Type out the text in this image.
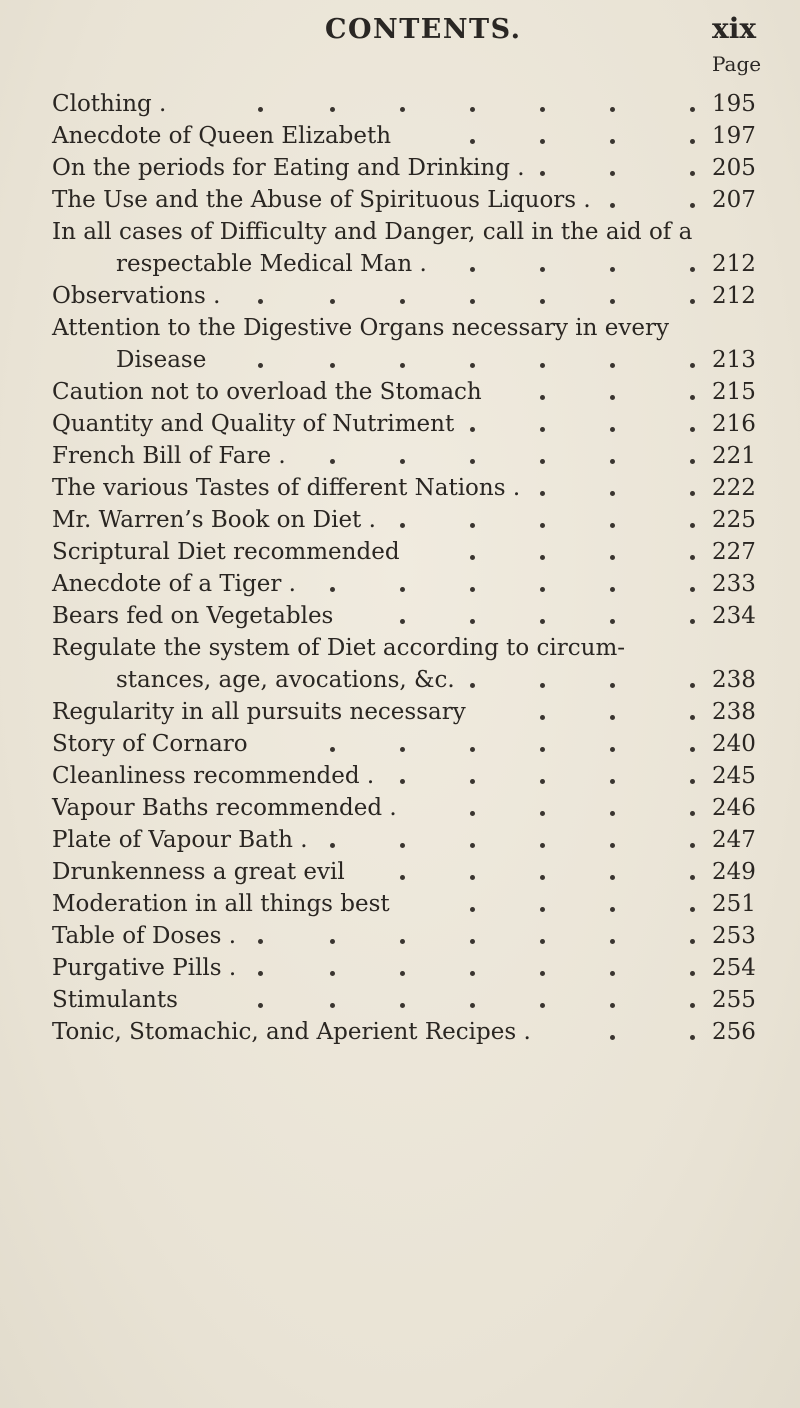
CONTENTS.	xix
Page
Clothing .	195
Anecdote of Queen Elizabeth	197
On the periods for Eating and Drinking .	205
The Use and the Abuse of Spirituous Liquors .	207
In all cases of Difficulty and Danger, call in the aid of a
respectable Medical Man .	212
Observations .	212
Attention to the Digestive Organs necessary in every
Disease	213
Caution not to overload the Stomach	215
Quantity and Quality of Nutriment	216
French Bill of Fare .	221
The various Tastes of different Nations .	222
Mr. Warren’s Book on Diet .	225
Scriptural Diet recommended	227
Anecdote of a Tiger .	233
Bears fed on Vegetables	234
Regulate the system of Diet according to circum-
stances, age, avocations, &c.	238
Regularity in all pursuits necessary	238
Story of Cornaro	240
Cleanliness recommended .	245
Vapour Baths recommended .	246
Plate of Vapour Bath .	247
Drunkenness a great evil	249
Moderation in all things best	251
Table of Doses .	253
Purgative Pills .	254
Stimulants	255
Tonic, Stomachic, and Aperient Recipes .	256
